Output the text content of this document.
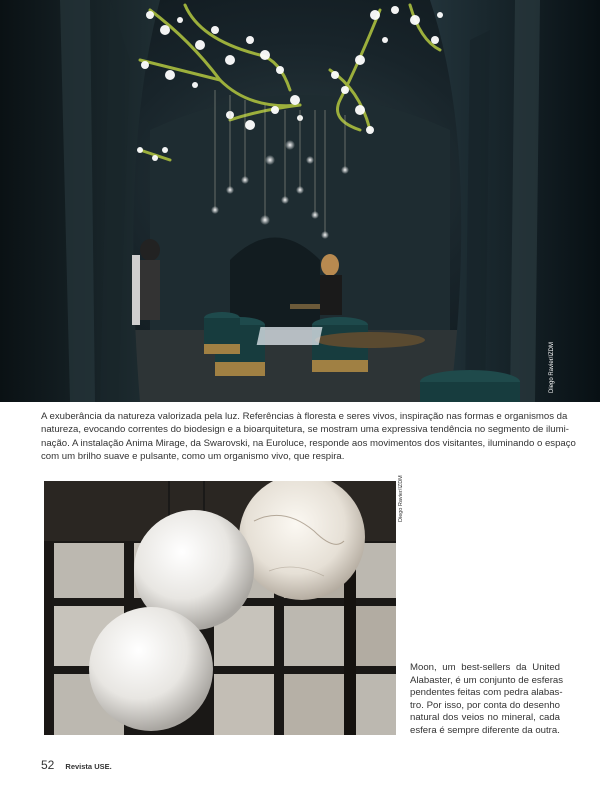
Diego Ravier/IZDM
A exuberância da natureza valorizada pela luz. Referências à floresta e seres vivos, inspiração nas formas e organismos da
natureza, evocando correntes do biodesign e a bioarquitetura, se mostram uma expressiva tendência no segmento de ilumi-
nação. A instalação Anima Mirage, da Swarovski, na Euroluce, responde aos movimentos dos visitantes, iluminando o espaço
com um brilho suave e pulsante, como um organismo vivo, que respira.
Diego Ravier/IZDM
Moon, um best-sellers da United
Alabaster, é um conjunto de esferas
pendentes feitas com pedra alabas-
tro. Por isso, por conta do desenho
natural dos veios no mineral, cada
esfera é sempre diferente da outra.
52 Revista USE.
